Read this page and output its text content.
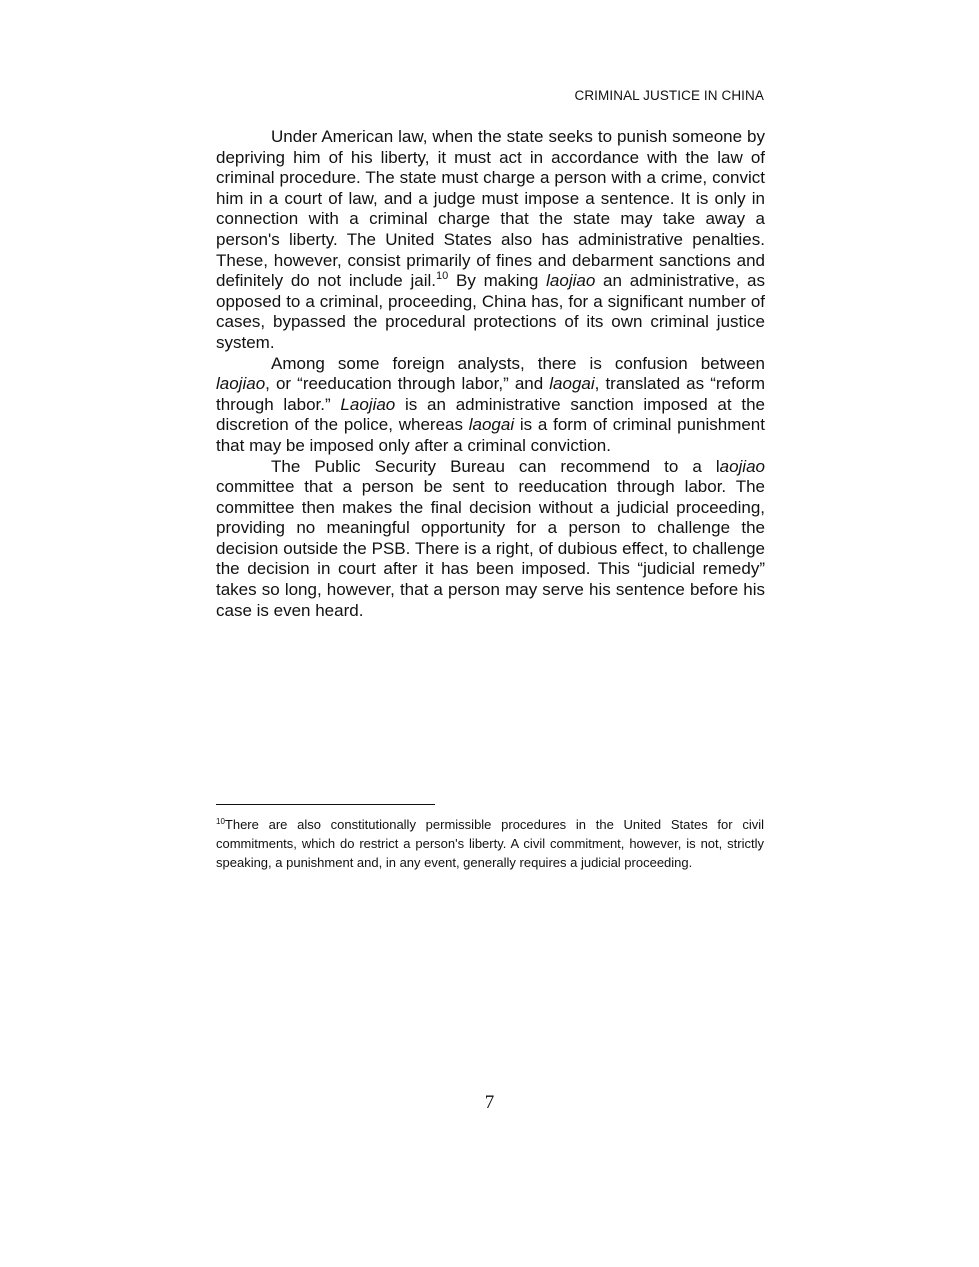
CRIMINAL JUSTICE IN CHINA

Under American law, when the state seeks to punish someone by depriving him of his liberty, it must act in accordance with the law of criminal procedure. The state must charge a person with a crime, convict him in a court of law, and a judge must impose a sentence. It is only in connection with a criminal charge that the state may take away a person's liberty. The United States also has administrative penalties. These, however, consist primarily of fines and debarment sanctions and definitely do not include jail.$^{10}$ By making laojiao an administrative, as opposed to a criminal, proceeding, China has, for a significant number of cases, bypassed the procedural protections of its own criminal justice system.

Among some foreign analysts, there is confusion between laojiao, or “reeducation through labor,” and laogai, translated as “reform through labor.” Laojiao is an administrative sanction imposed at the discretion of the police, whereas laogai is a form of criminal punishment that may be imposed only after a criminal conviction.

The Public Security Bureau can recommend to a laojiao committee that a person be sent to reeducation through labor. The committee then makes the final decision without a judicial proceeding, providing no meaningful opportunity for a person to challenge the decision outside the PSB. There is a right, of dubious effect, to challenge the decision in court after it has been imposed. This “judicial remedy” takes so long, however, that a person may serve his sentence before his case is even heard.

$^{10}$There are also constitutionally permissible procedures in the United States for civil commitments, which do restrict a person's liberty. A civil commitment, however, is not, strictly speaking, a punishment and, in any event, generally requires a judicial proceeding.

7
